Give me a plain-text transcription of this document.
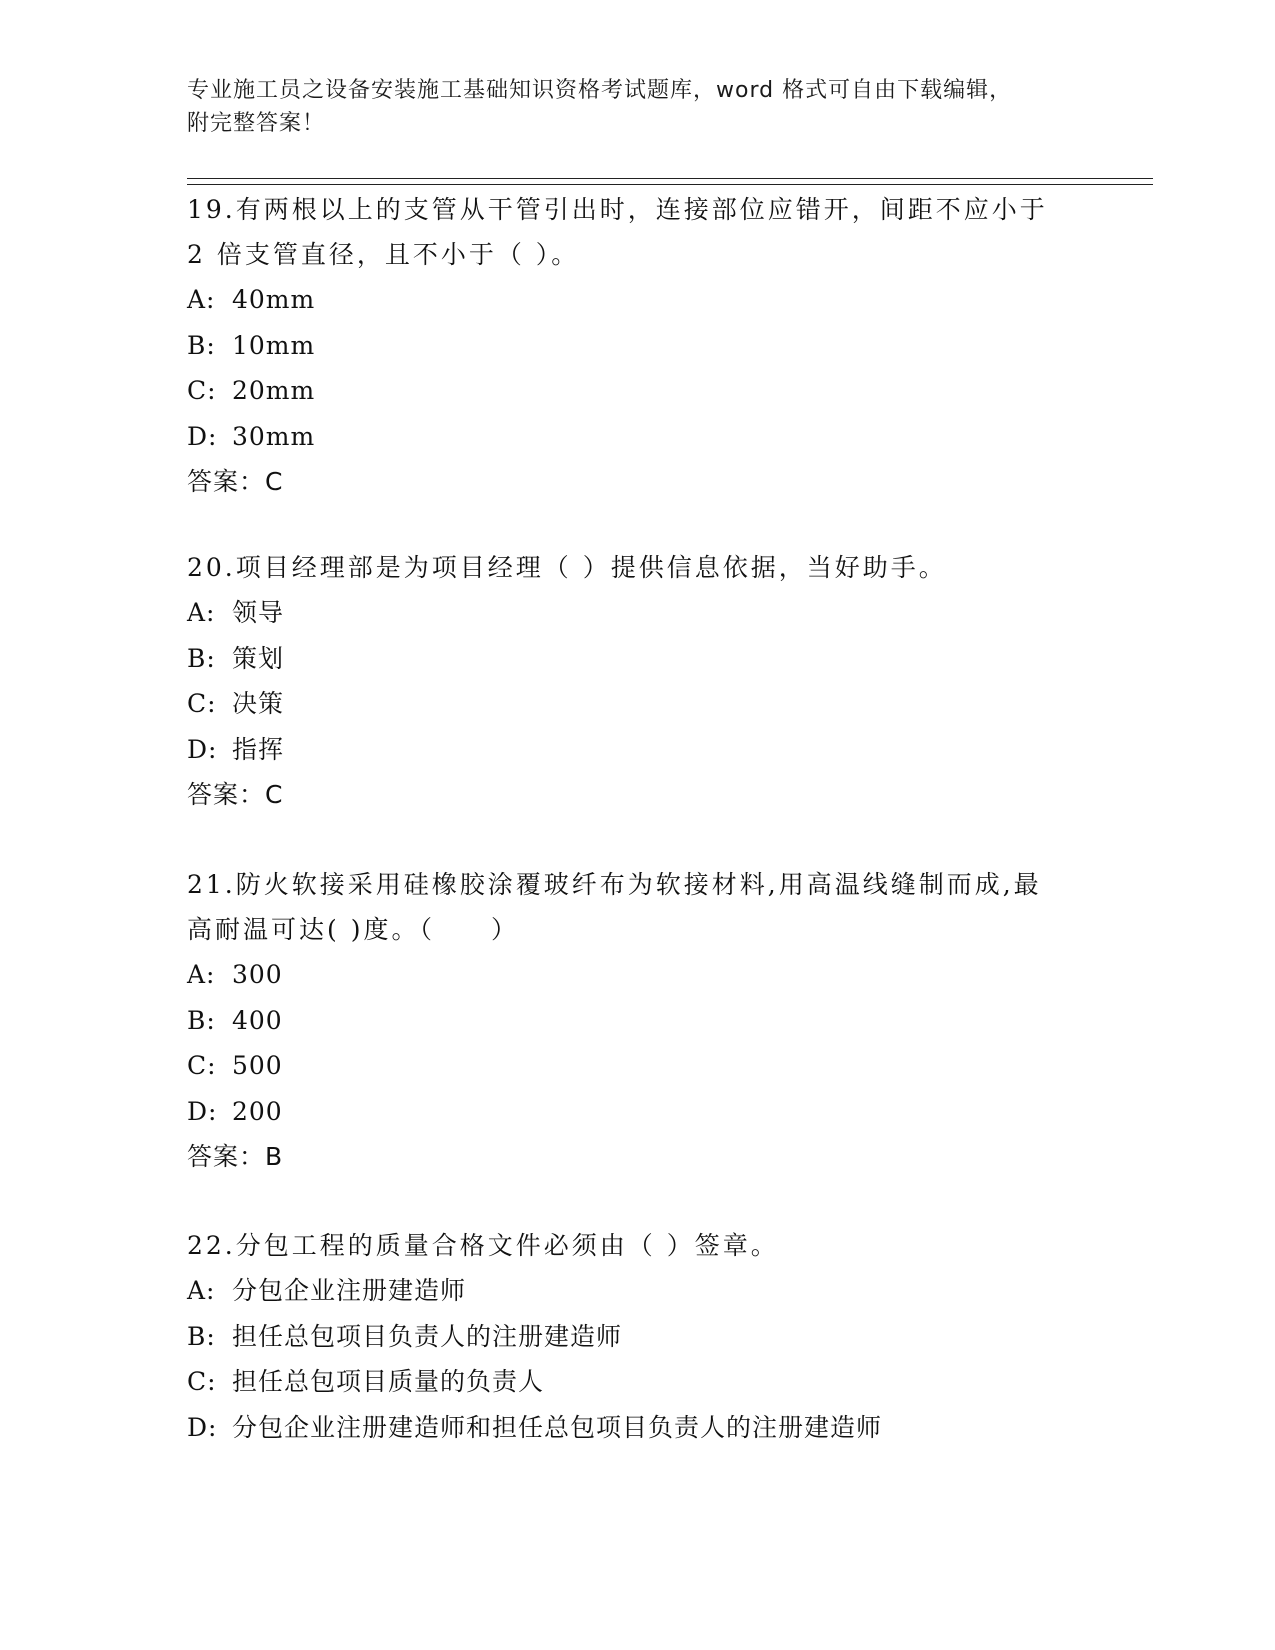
专业施工员之设备安装施工基础知识资格考试题库，word 格式可自由下载编辑，
附完整答案！

19.有两根以上的支管从干管引出时，连接部位应错开，间距不应小于

2 倍支管直径，且不小于（ ）。

A: 40mm

B: 10mm

C: 20mm

D: 30mm

答案：C

20.项目经理部是为项目经理（ ）提供信息依据，当好助手。

A: 领导

B: 策划

C: 决策

D: 指挥

答案：C

21.防火软接采用硅橡胶涂覆玻纤布为软接材料,用高温线缝制而成,最

高耐温可达( )度。（　　）

A: 300

B: 400

C: 500

D: 200

答案：B

22.分包工程的质量合格文件必须由（ ）签章。

A: 分包企业注册建造师

B: 担任总包项目负责人的注册建造师

C: 担任总包项目质量的负责人

D: 分包企业注册建造师和担任总包项目负责人的注册建造师
